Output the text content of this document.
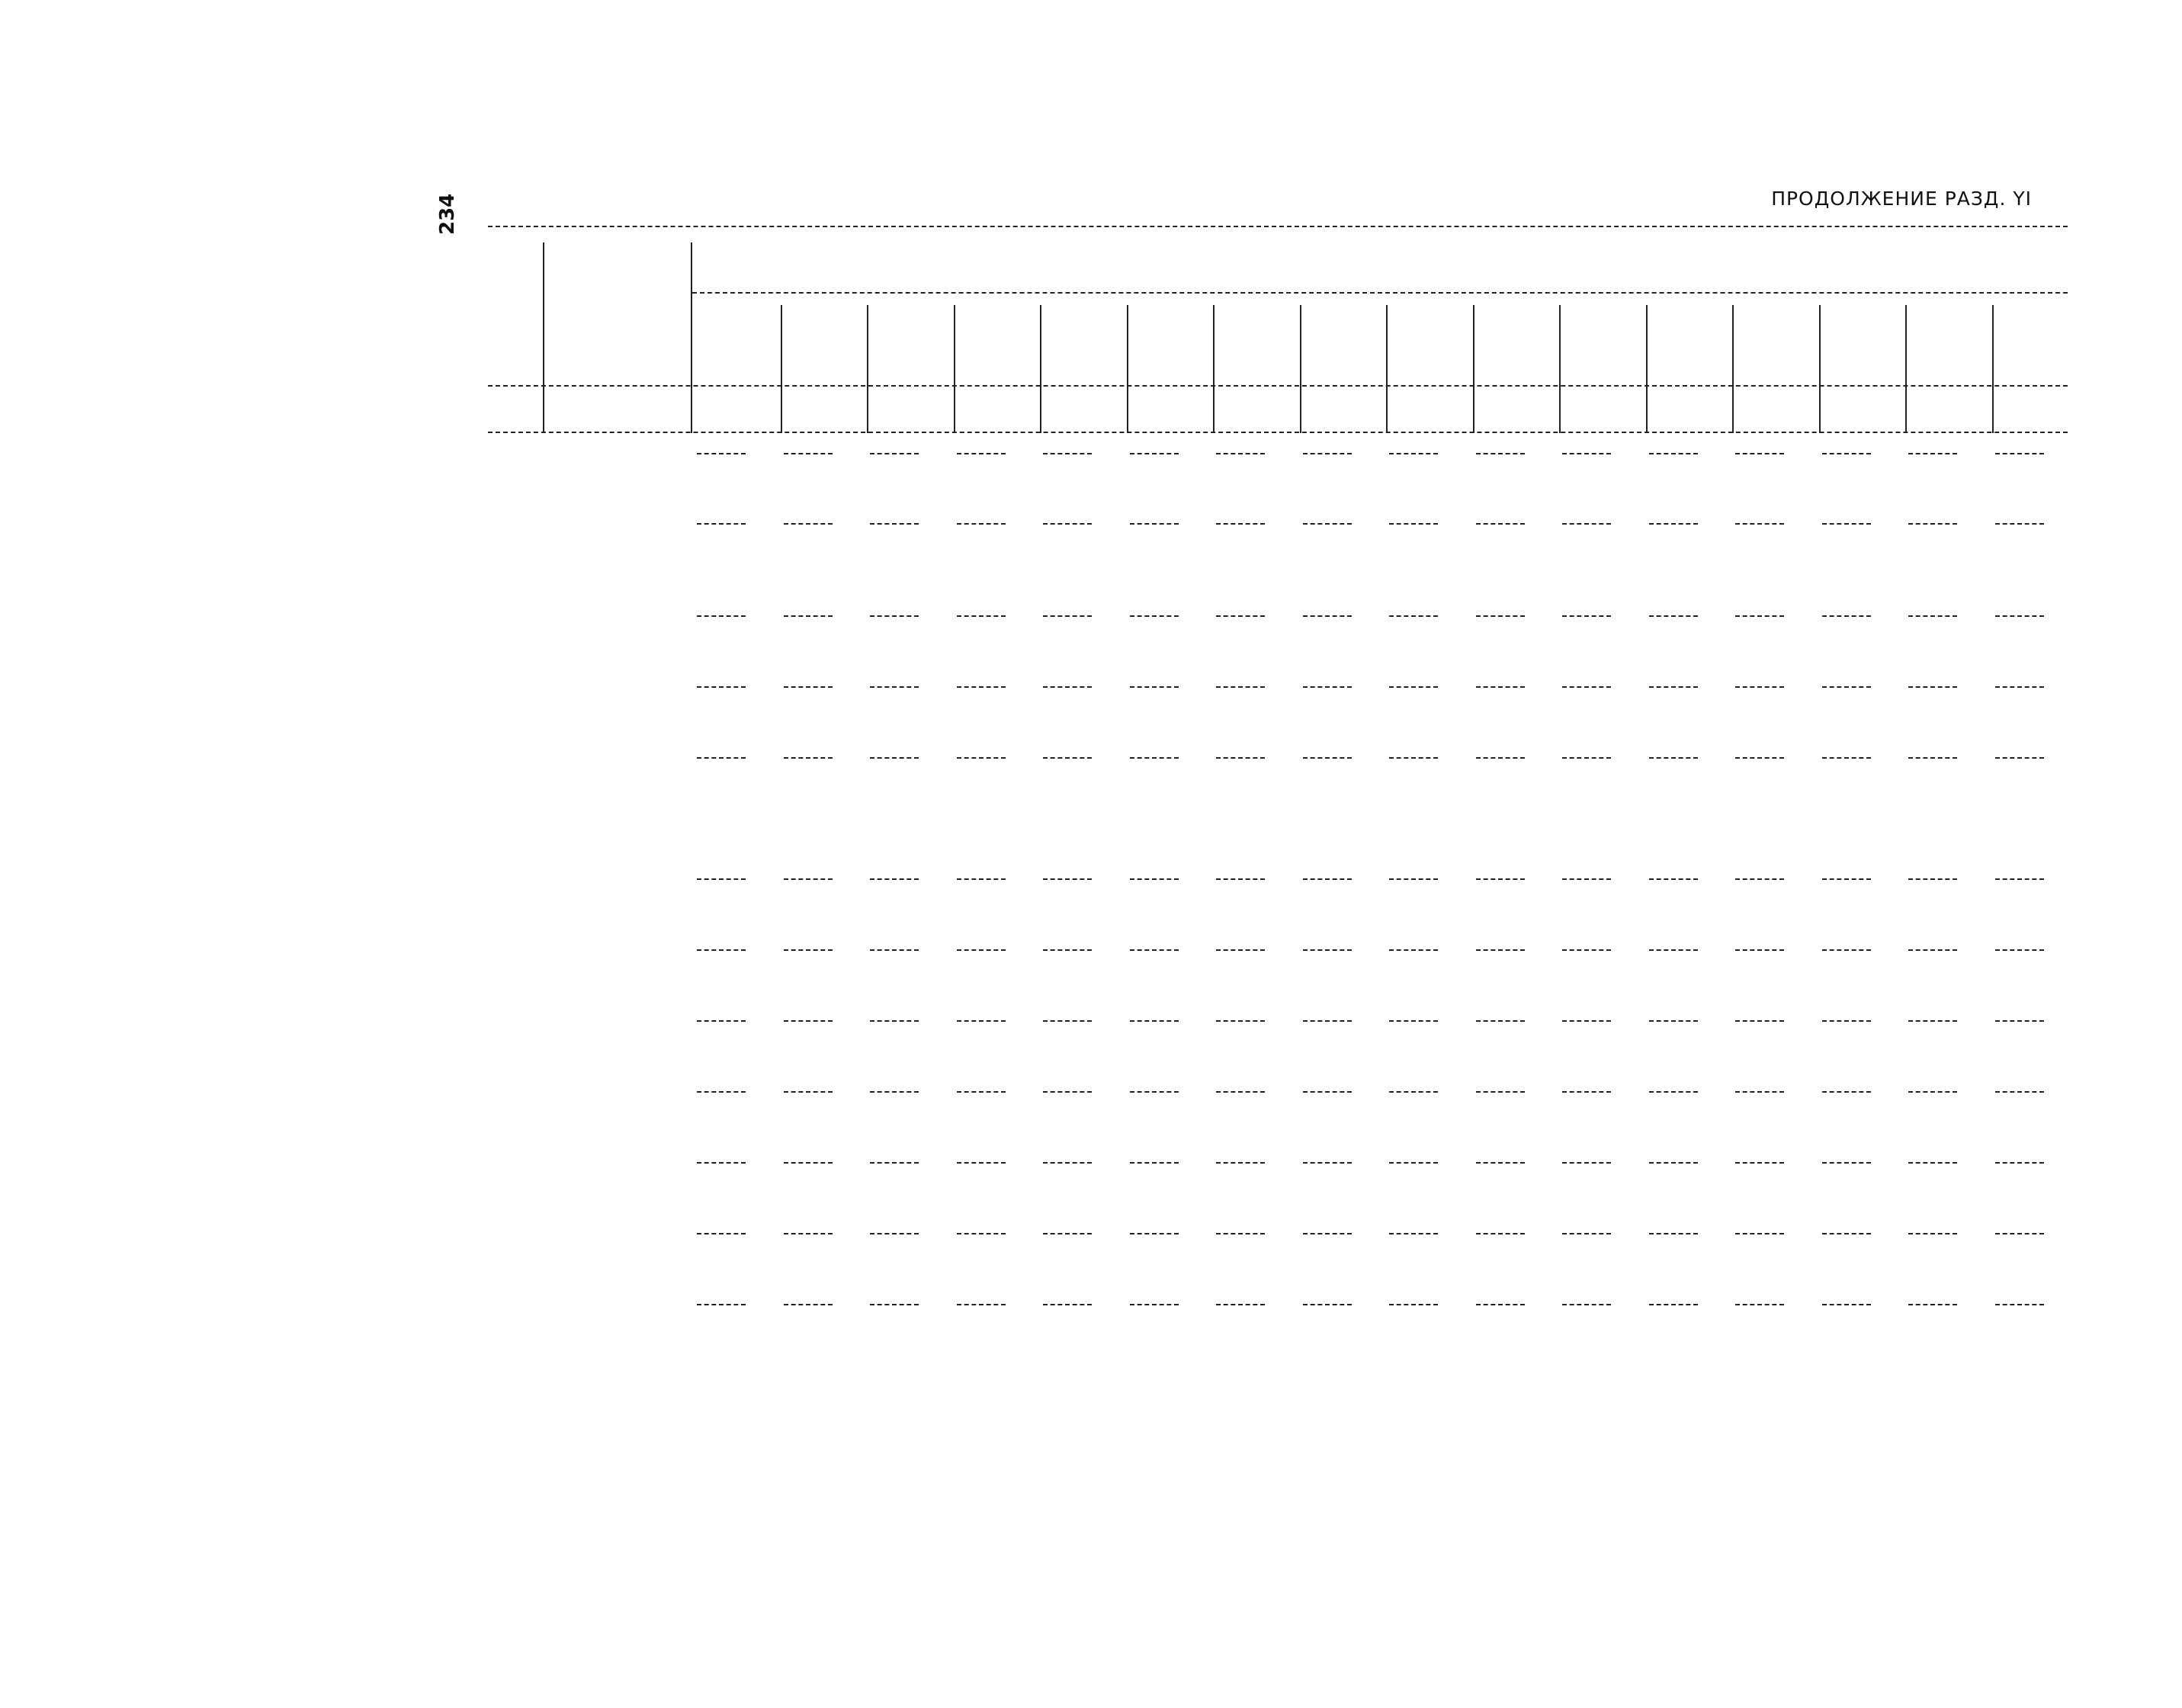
234	ПРОДОЛЖЕНИЕ РАЗД. YI
